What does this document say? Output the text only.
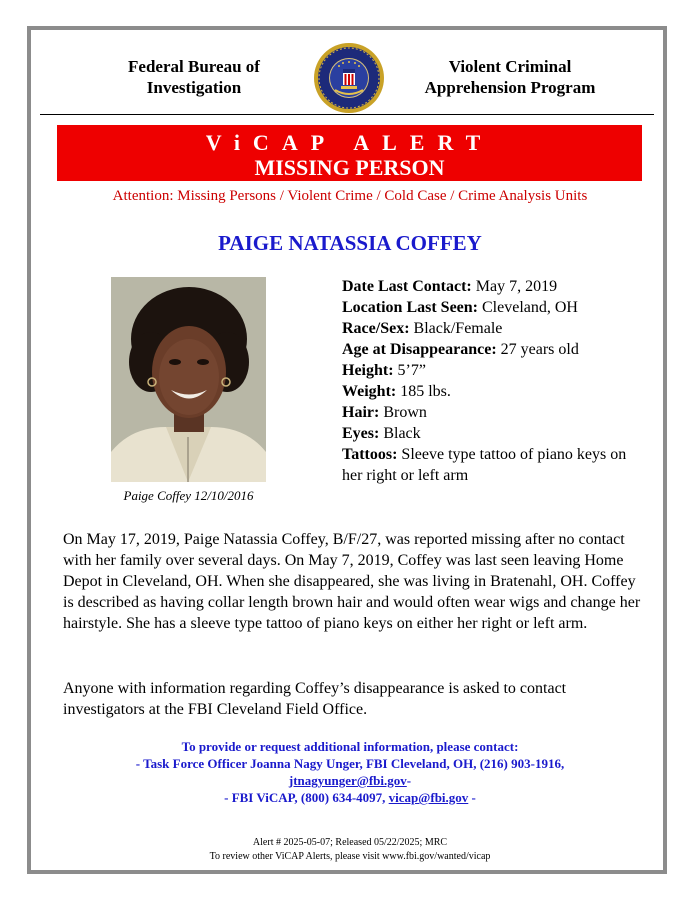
Federal Bureau of
Investigation
Violent Criminal
Apprehension Program
ViCAP ALERT
MISSING PERSON
Attention: Missing Persons / Violent Crime / Cold Case / Crime Analysis Units
PAIGE NATASSIA COFFEY
Paige Coffey 12/10/2016
Date Last Contact: May 7, 2019
Location Last Seen: Cleveland, OH
Race/Sex: Black/Female
Age at Disappearance: 27 years old
Height: 5’7”
Weight: 185 lbs.
Hair: Brown
Eyes: Black
Tattoos: Sleeve type tattoo of piano keys on her right or left arm
On May 17, 2019, Paige Natassia Coffey, B/F/27, was reported missing after no contact with her family over several days. On May 7, 2019, Coffey was last seen leaving Home Depot in Cleveland, OH. When she disappeared, she was living in Bratenahl, OH. Coffey is described as having collar length brown hair and would often wear wigs and change her hairstyle. She has a sleeve type tattoo of piano keys on either her right or left arm.
Anyone with information regarding Coffey’s disappearance is asked to contact investigators at the FBI Cleveland Field Office.
To provide or request additional information, please contact:
- Task Force Officer Joanna Nagy Unger, FBI Cleveland, OH, (216) 903-1916,
jtnagyunger@fbi.gov-
- FBI ViCAP, (800) 634-4097, vicap@fbi.gov -
Alert # 2025-05-07; Released 05/22/2025; MRC
To review other ViCAP Alerts, please visit www.fbi.gov/wanted/vicap
